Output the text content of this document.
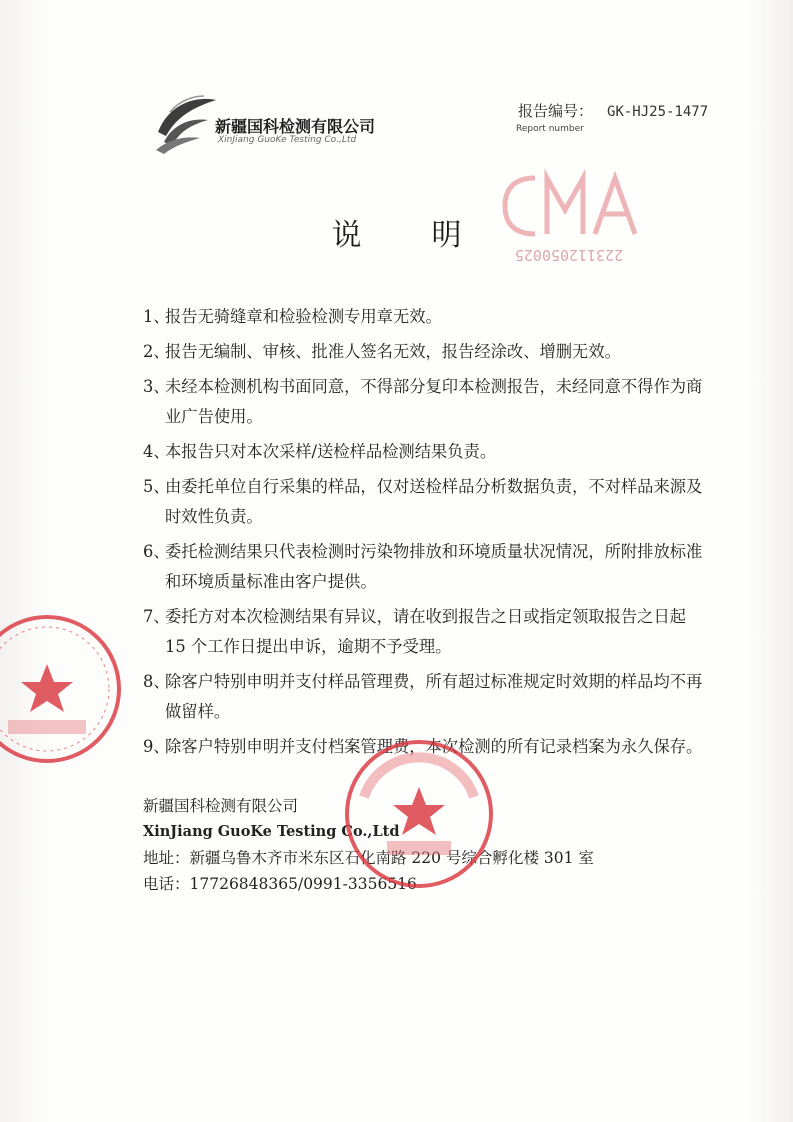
新疆国科检测有限公司
XinJiang GuoKe Testing Co.,Ltd
报告编号： GK-HJ25-1477
Report number
223112050025
说明
1、
报告无骑缝章和检验检测专用章无效。
2、
报告无编制、审核、批准人签名无效，报告经涂改、增删无效。
3、
未经本检测机构书面同意，不得部分复印本检测报告，未经同意不得作为商业广告使用。
4、
本报告只对本次采样/送检样品检测结果负责。
5、
由委托单位自行采集的样品，仅对送检样品分析数据负责，不对样品来源及时效性负责。
6、
委托检测结果只代表检测时污染物排放和环境质量状况情况，所附排放标准和环境质量标准由客户提供。
7、
委托方对本次检测结果有异议，请在收到报告之日或指定领取报告之日起 15 个工作日提出申诉，逾期不予受理。
8、
除客户特别申明并支付样品管理费，所有超过标准规定时效期的样品均不再做留样。
9、
除客户特别申明并支付档案管理费，本次检测的所有记录档案为永久保存。
新疆国科检测有限公司
XinJiang GuoKe Testing Co.,Ltd
地址：新疆乌鲁木齐市米东区石化南路 220 号综合孵化楼 301 室
电话：17726848365/0991-3356516
